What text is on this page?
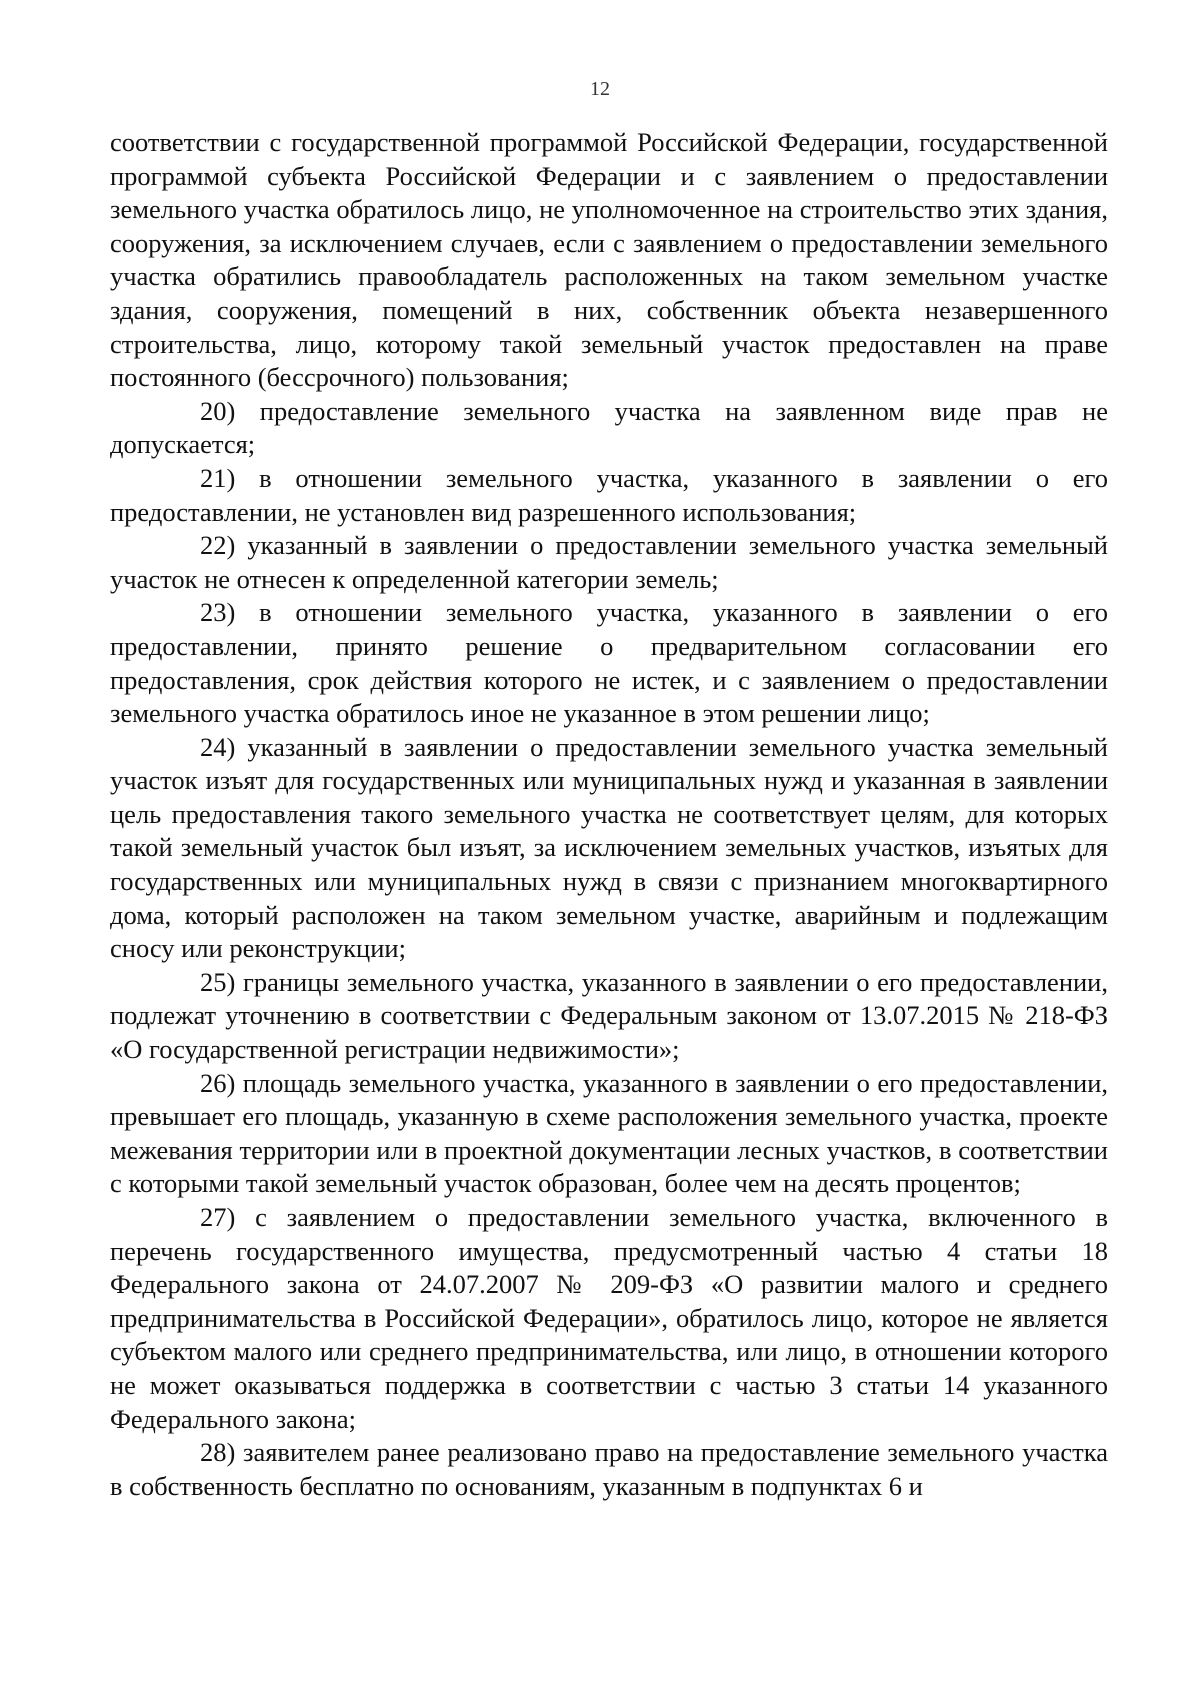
12

соответствии с государственной программой Российской Федерации, государственной программой субъекта Российской Федерации и с заявлением о предоставлении земельного участка обратилось лицо, не уполномоченное на строительство этих здания, сооружения, за исключением случаев, если с заявлением о предоставлении земельного участка обратились правообладатель расположенных на таком земельном участке здания, сооружения, помещений в них, собственник объекта незавершенного строительства, лицо, которому такой земельный участок предоставлен на праве постоянного (бессрочного) пользования;

20) предоставление земельного участка на заявленном виде прав не допускается;

21) в отношении земельного участка, указанного в заявлении о его предоставлении, не установлен вид разрешенного использования;

22) указанный в заявлении о предоставлении земельного участка земельный участок не отнесен к определенной категории земель;

23) в отношении земельного участка, указанного в заявлении о его предоставлении, принято решение о предварительном согласовании его предоставления, срок действия которого не истек, и с заявлением о предоставлении земельного участка обратилось иное не указанное в этом решении лицо;

24) указанный в заявлении о предоставлении земельного участка земельный участок изъят для государственных или муниципальных нужд и указанная в заявлении цель предоставления такого земельного участка не соответствует целям, для которых такой земельный участок был изъят, за исключением земельных участков, изъятых для государственных или муниципальных нужд в связи с признанием многоквартирного дома, который расположен на таком земельном участке, аварийным и подлежащим сносу или реконструкции;

25) границы земельного участка, указанного в заявлении о его предоставлении, подлежат уточнению в соответствии с Федеральным законом от 13.07.2015 № 218-ФЗ «О государственной регистрации недвижимости»;

26) площадь земельного участка, указанного в заявлении о его предоставлении, превышает его площадь, указанную в схеме расположения земельного участка, проекте межевания территории или в проектной документации лесных участков, в соответствии с которыми такой земельный участок образован, более чем на десять процентов;

27) с заявлением о предоставлении земельного участка, включенного в перечень государственного имущества, предусмотренный частью 4 статьи 18 Федерального закона от 24.07.2007 № 209-ФЗ «О развитии малого и среднего предпринимательства в Российской Федерации», обратилось лицо, которое не является субъектом малого или среднего предпринимательства, или лицо, в отношении которого не может оказываться поддержка в соответствии с частью 3 статьи 14 указанного Федерального закона;

28) заявителем ранее реализовано право на предоставление земельного участка в собственность бесплатно по основаниям, указанным в подпунктах 6 и
